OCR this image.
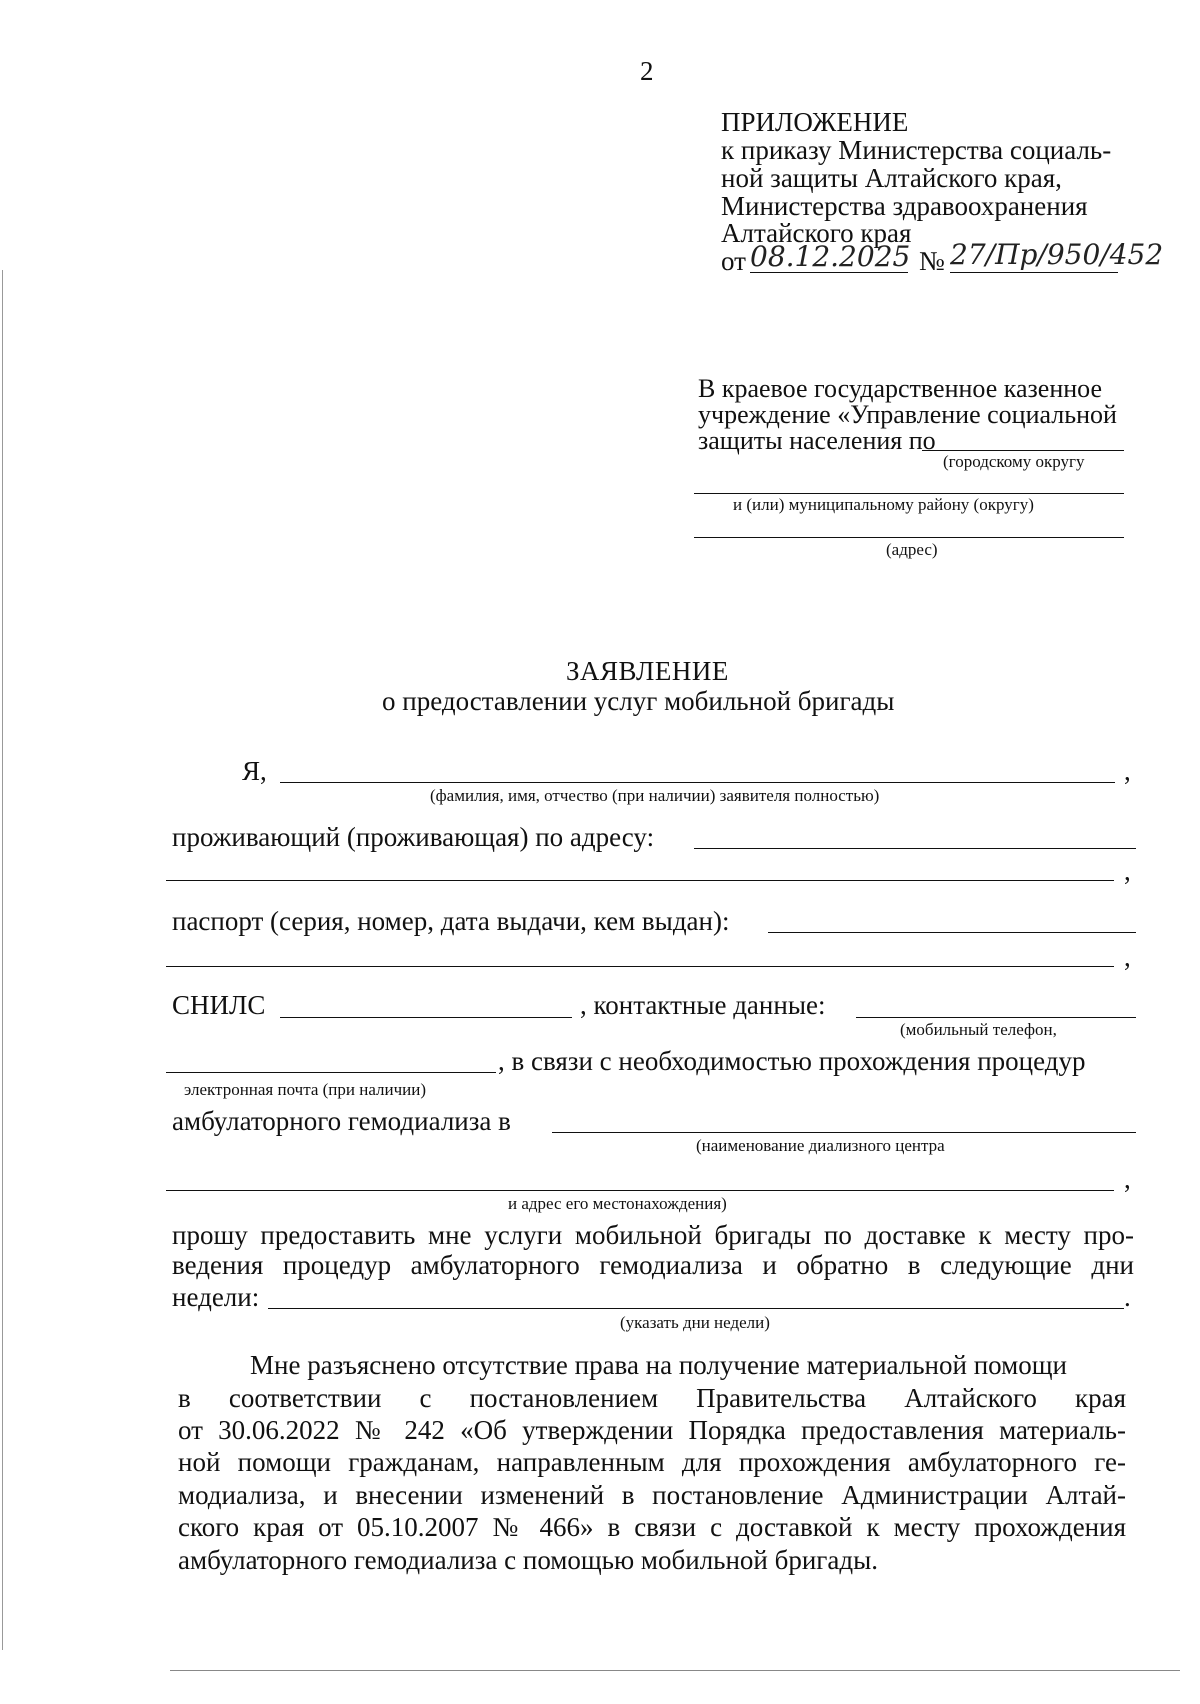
2
ПРИЛОЖЕНИЕ
к приказу Министерства социаль-
ной защиты Алтайского края,
Министерства здравоохранения
Алтайского края
от 08.12.2025 № 27/Пр/950/452
В краевое государственное казенное
учреждение «Управление социальной
защиты населения по
(городскому округу
и (или) муниципальному району (округу)
(адрес)
ЗАЯВЛЕНИЕ
о предоставлении услуг мобильной бригады
Я,	,
(фамилия, имя, отчество (при наличии) заявителя полностью)
проживающий (проживающая) по адресу:
,
паспорт (серия, номер, дата выдачи, кем выдан):
,
СНИЛС	, контактные данные:
(мобильный телефон,
, в связи с необходимостью прохождения процедур
электронная почта (при наличии)
амбулаторного гемодиализа в
(наименование диализного центра
,
и адрес его местонахождения)
прошу предоставить мне услуги мобильной бригады по доставке к месту про-
ведения процедур амбулаторного гемодиализа и обратно в следующие дни
недели:	.
(указать дни недели)
Мне разъяснено отсутствие права на получение материальной помощи
в соответствии с постановлением Правительства Алтайского края
от 30.06.2022 № 242 «Об утверждении Порядка предоставления материаль-
ной помощи гражданам, направленным для прохождения амбулаторного ге-
модиализа, и внесении изменений в постановление Администрации Алтай-
ского края от 05.10.2007 № 466» в связи с доставкой к месту прохождения
амбулаторного гемодиализа с помощью мобильной бригады.
